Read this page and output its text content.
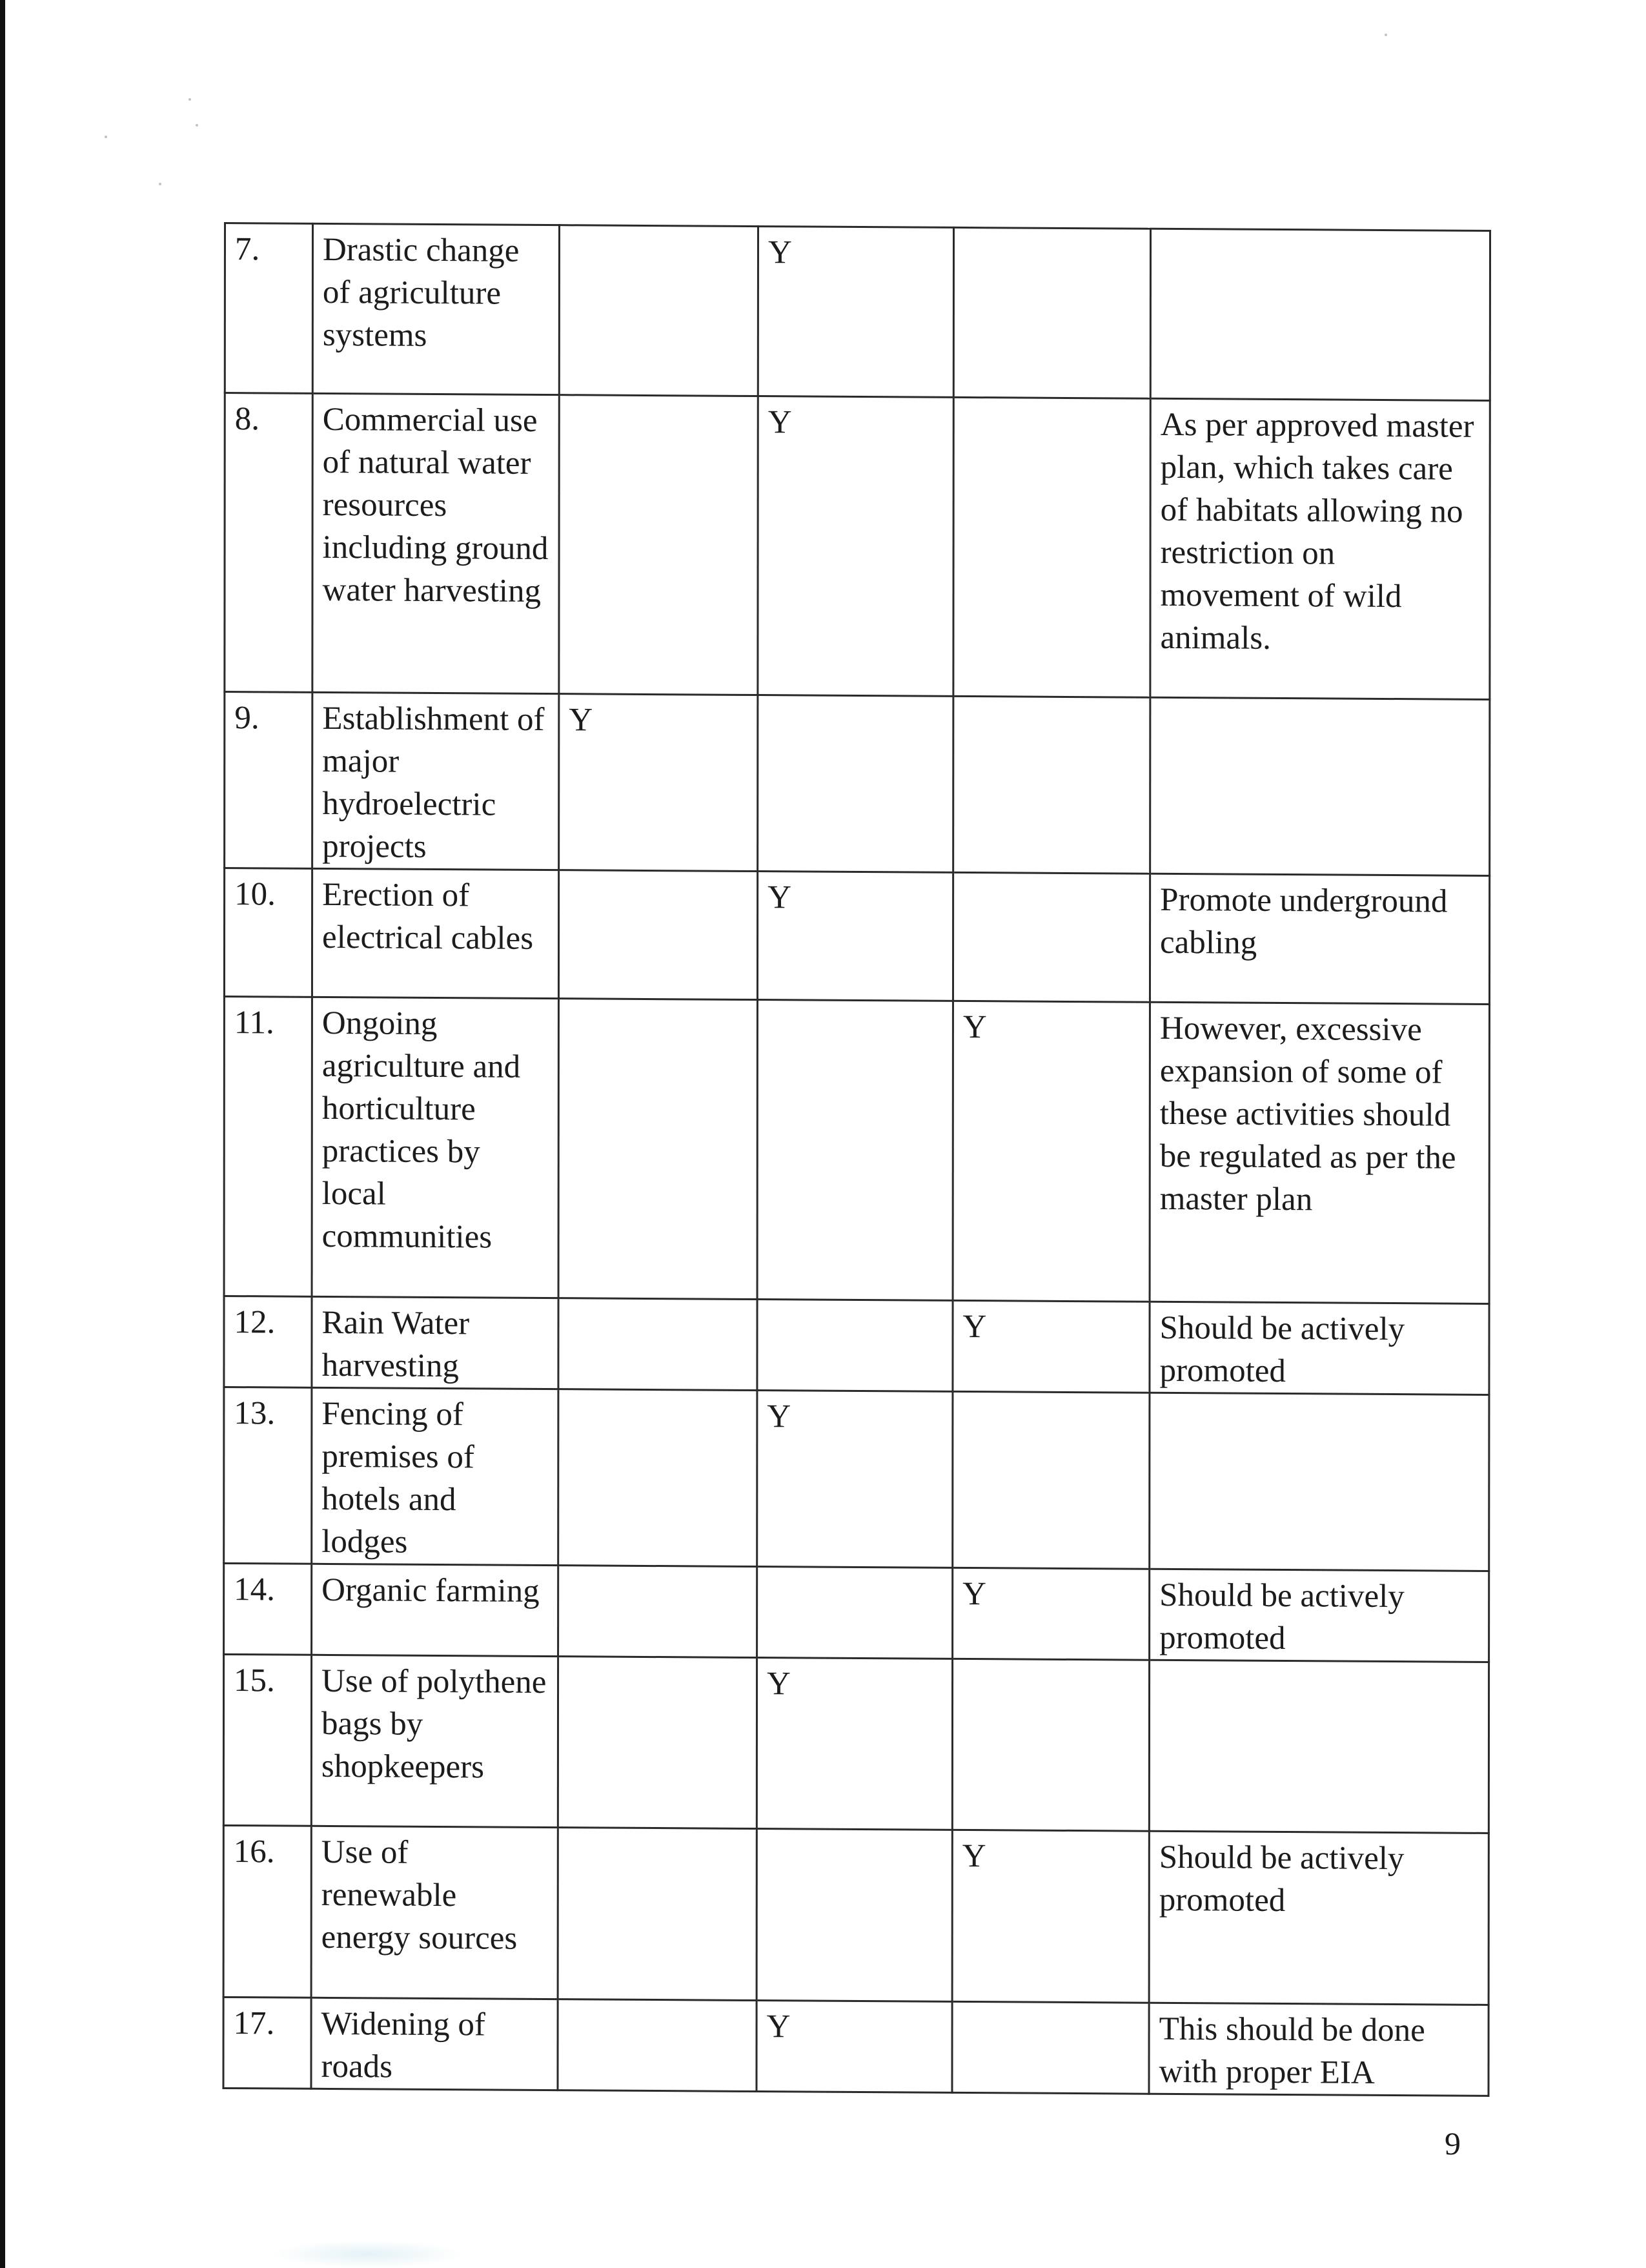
7.	Drastic change of agriculture systems		Y		
8.	Commercial use of natural water resources including ground water harvesting		Y		As per approved master plan, which takes care of habitats allowing no restriction on movement of wild animals.
9.	Establishment of major hydroelectric projects	Y			
10.	Erection of electrical cables		Y		Promote underground cabling
11.	Ongoing agriculture and horticulture practices by local communities			Y	However, excessive expansion of some of these activities should be regulated as per the master plan
12.	Rain Water harvesting			Y	Should be actively promoted
13.	Fencing of premises of hotels and lodges		Y		
14.	Organic farming			Y	Should be actively promoted
15.	Use of polythene bags by shopkeepers		Y		
16.	Use of renewable energy sources			Y	Should be actively promoted
17.	Widening of roads		Y		This should be done with proper EIA
9
